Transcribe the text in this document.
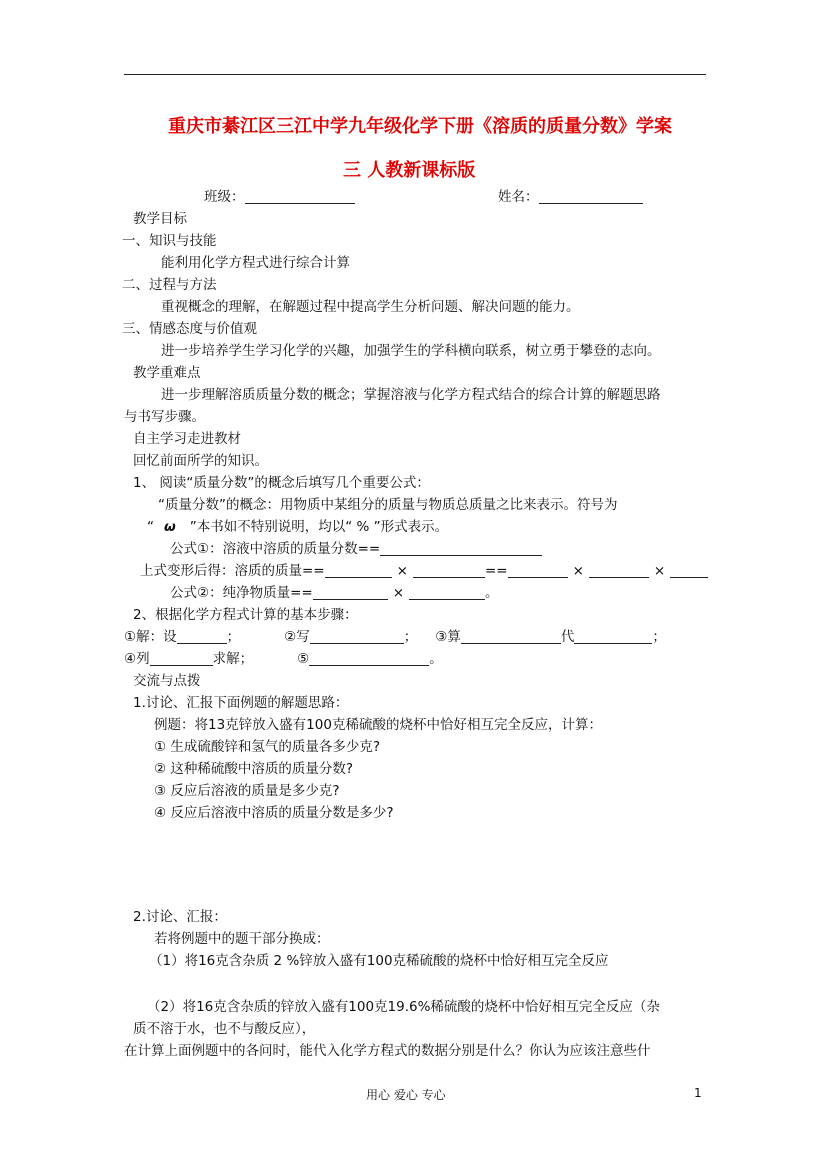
重庆市綦江区三江中学九年级化学下册《溶质的质量分数》学案
三 人教新课标版
班级：	姓名：
教学目标
一、知识与技能
能利用化学方程式进行综合计算
二、过程与方法
重视概念的理解，在解题过程中提高学生分析问题、解决问题的能力。
三、情感态度与价值观
进一步培养学生学习化学的兴趣，加强学生的学科横向联系，树立勇于攀登的志向。
教学重难点
进一步理解溶质质量分数的概念；掌握溶液与化学方程式结合的综合计算的解题思路
与书写步骤。
自主学习走进教材
回忆前面所学的知识。
1、 阅读“质量分数”的概念后填写几个重要公式：
“质量分数”的概念：用物质中某组分的质量与物质总质量之比来表示。符号为
“ ω ”本书如不特别说明，均以“ % ”形式表示。
公式①：溶液中溶质的质量分数==
上式变形后得：溶质的质量==	×	==	×	×
公式②：纯净物质量==	×	。
2、根据化学方程式计算的基本步骤：
①解：设	；	②写	； ③算	代	；
④列	求解；	⑤	。
交流与点拨
1.讨论、汇报下面例题的解题思路：
例题：将13克锌放入盛有100克稀硫酸的烧杯中恰好相互完全反应，计算：
① 生成硫酸锌和氢气的质量各多少克?
② 这种稀硫酸中溶质的质量分数?
③ 反应后溶液的质量是多少克?
④ 反应后溶液中溶质的质量分数是多少?
2.讨论、汇报：
若将例题中的题干部分换成：
（1）将16克含杂质 2 %锌放入盛有100克稀硫酸的烧杯中恰好相互完全反应
（2）将16克含杂质的锌放入盛有100克19.6%稀硫酸的烧杯中恰好相互完全反应（杂
质不溶于水，也不与酸反应），
在计算上面例题中的各问时，能代入化学方程式的数据分别是什么？你认为应该注意些什
用心 爱心 专心	1
